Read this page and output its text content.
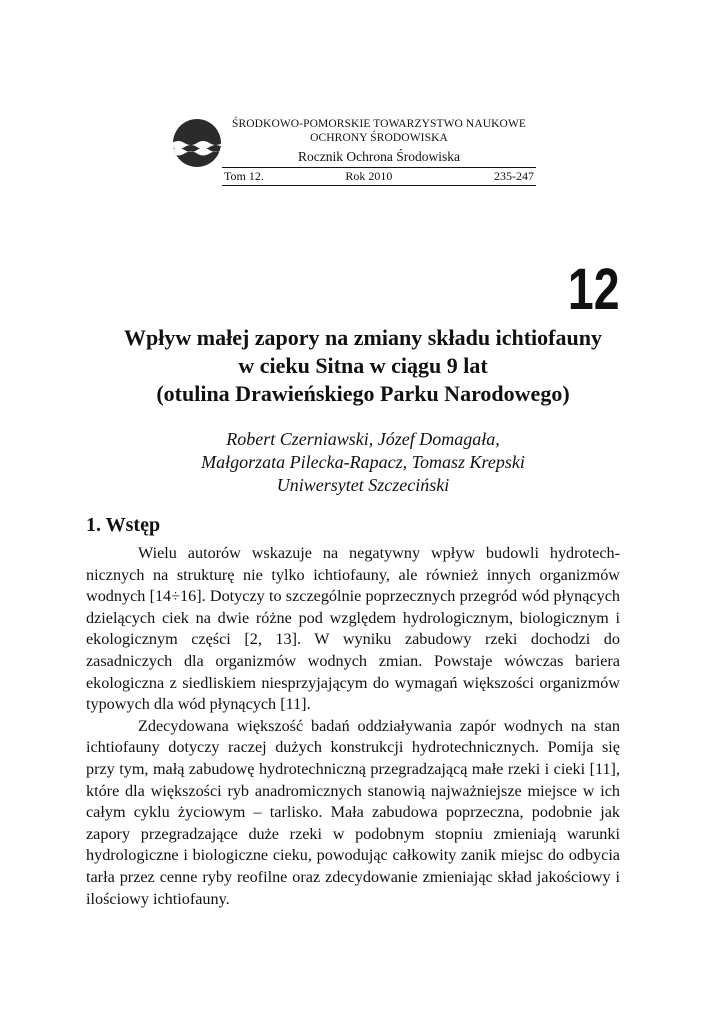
ŚRODKOWO-POMORSKIE TOWARZYSTWO NAUKOWE
OCHRONY ŚRODOWISKA
Rocznik Ochrona Środowiska
Tom 12.	Rok 2010	235-247
12
Wpływ małej zapory na zmiany składu ichtiofauny
w cieku Sitna w ciągu 9 lat
(otulina Drawieńskiego Parku Narodowego)
Robert Czerniawski, Józef Domagała,
Małgorzata Pilecka-Rapacz, Tomasz Krepski
Uniwersytet Szczeciński
1. Wstęp

Wielu autorów wskazuje na negatywny wpływ budowli hydrotechnicznych na strukturę nie tylko ichtiofauny, ale również innych organizmów wodnych [14÷16]. Dotyczy to szczególnie poprzecznych przegród wód płynących dzielących ciek na dwie różne pod względem hydrologicznym, biologicznym i ekologicznym części [2, 13]. W wyniku zabudowy rzeki dochodzi do zasadniczych dla organizmów wodnych zmian. Powstaje wówczas bariera ekologiczna z siedliskiem niesprzyjającym do wymagań większości organizmów typowych dla wód płynących [11].

Zdecydowana większość badań oddziaływania zapór wodnych na stan ichtiofauny dotyczy raczej dużych konstrukcji hydrotechnicznych. Pomija się przy tym, małą zabudowę hydrotechniczną przegradzającą małe rzeki i cieki [11], które dla większości ryb anadromicznych stanowią najważniejsze miejsce w ich całym cyklu życiowym – tarlisko. Mała zabudowa poprzeczna, podobnie jak zapory przegradzające duże rzeki w podobnym stopniu zmieniają warunki hydrologiczne i biologiczne cieku, powodując całkowity zanik miejsc do odbycia tarła przez cenne ryby reofilne oraz zdecydowanie zmieniając skład jakościowy i ilościowy ichtiofauny.
